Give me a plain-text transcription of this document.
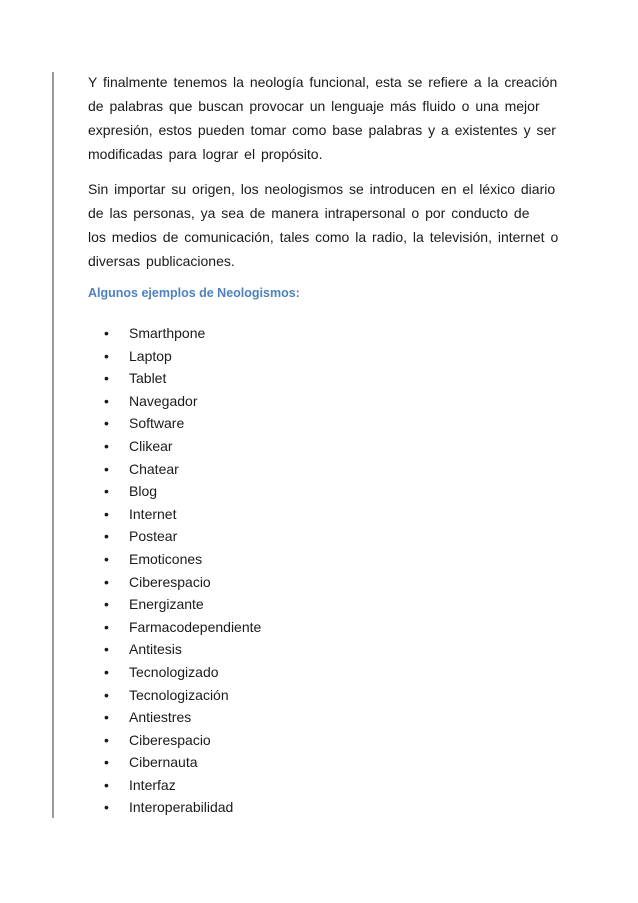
Y finalmente tenemos la neología funcional, esta se refiere a la creación
de palabras que buscan provocar un lenguaje más fluido o una mejor
expresión, estos pueden tomar como base palabras y a existentes y ser
modificadas para lograr el propósito.

Sin importar su origen, los neologismos se introducen en el léxico diario
de las personas, ya sea de manera intrapersonal o por conducto de
los medios de comunicación, tales como la radio, la televisión, internet o
diversas publicaciones.

Algunos ejemplos de Neologismos:
• Smarthpone
• Laptop
• Tablet
• Navegador
• Software
• Clikear
• Chatear
• Blog
• Internet
• Postear
• Emoticones
• Ciberespacio
• Energizante
• Farmacodependiente
• Antitesis
• Tecnologizado
• Tecnologización
• Antiestres
• Ciberespacio
• Cibernauta
• Interfaz
• Interoperabilidad
